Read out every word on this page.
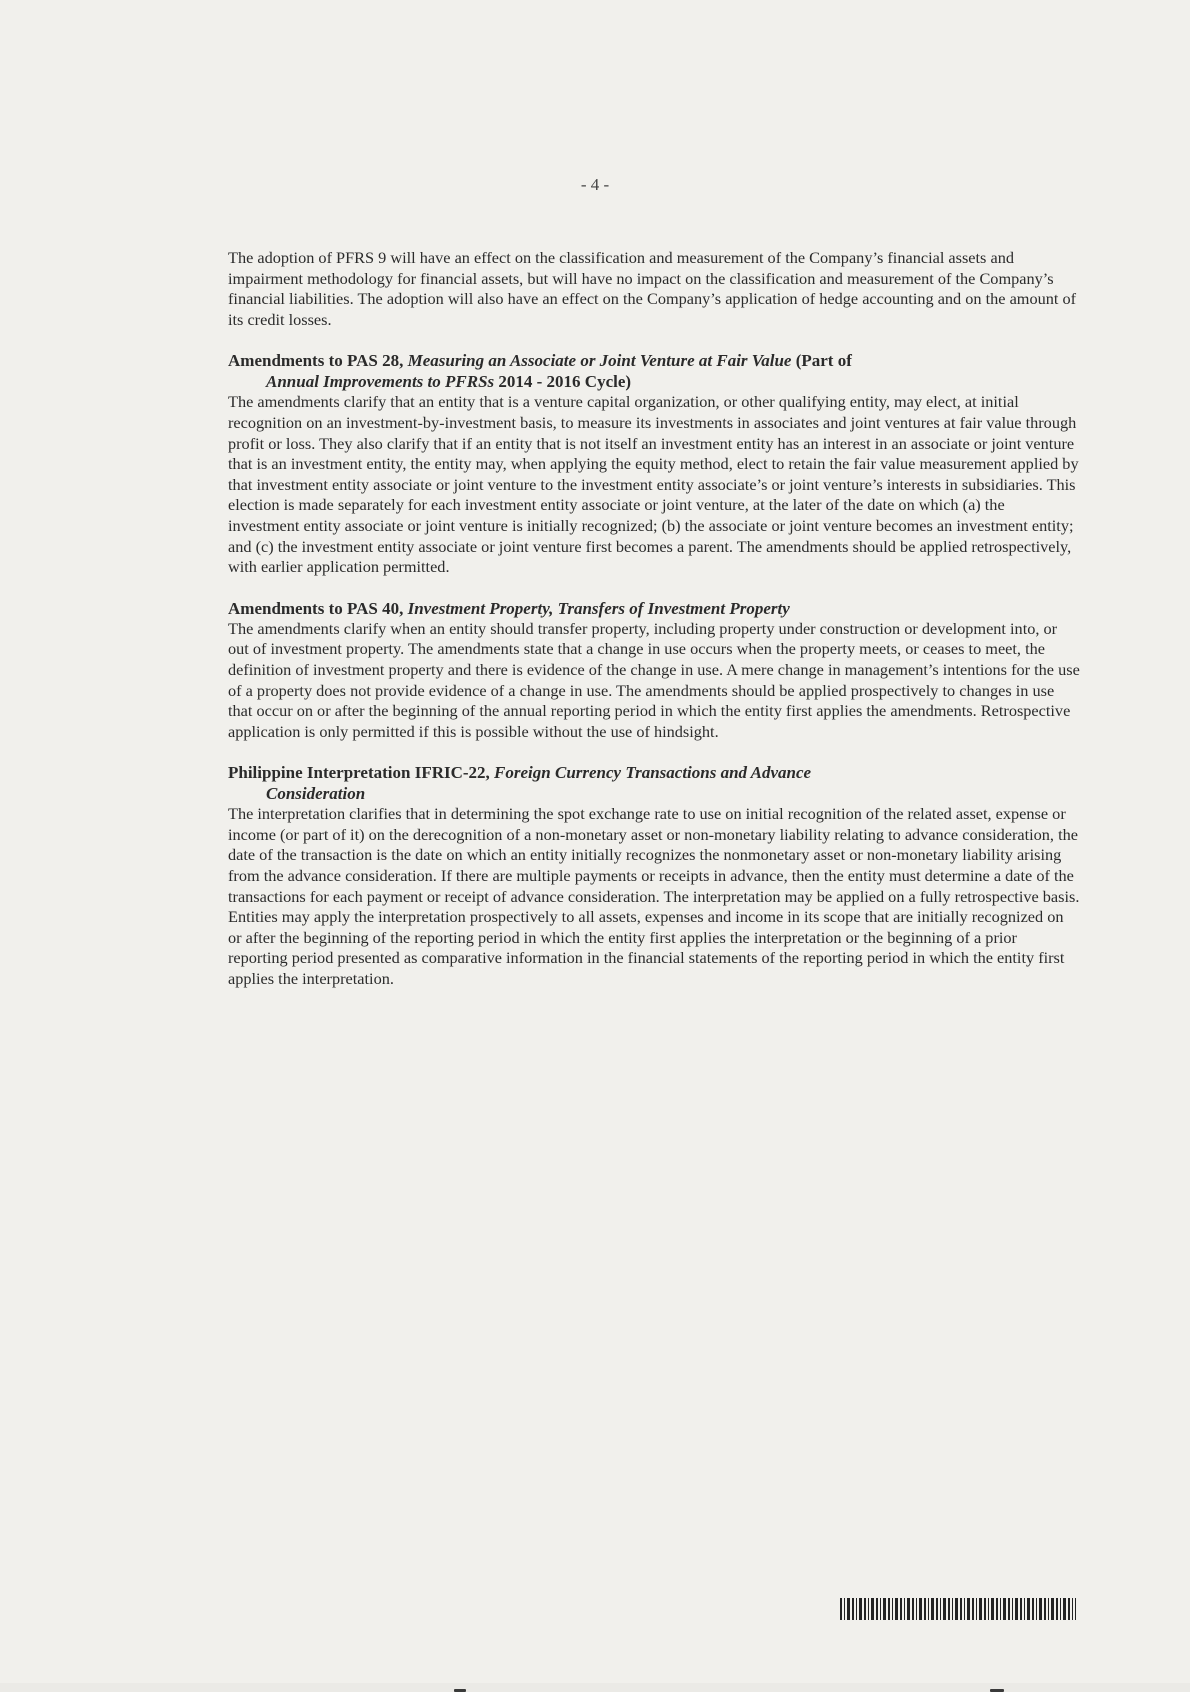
- 4 -

The adoption of PFRS 9 will have an effect on the classification and measurement of the Company’s financial assets and impairment methodology for financial assets, but will have no impact on the classification and measurement of the Company’s financial liabilities. The adoption will also have an effect on the Company’s application of hedge accounting and on the amount of its credit losses.

Amendments to PAS 28, Measuring an Associate or Joint Venture at Fair Value (Part of
Annual Improvements to PFRSs 2014 - 2016 Cycle)

The amendments clarify that an entity that is a venture capital organization, or other qualifying entity, may elect, at initial recognition on an investment-by-investment basis, to measure its investments in associates and joint ventures at fair value through profit or loss. They also clarify that if an entity that is not itself an investment entity has an interest in an associate or joint venture that is an investment entity, the entity may, when applying the equity method, elect to retain the fair value measurement applied by that investment entity associate or joint venture to the investment entity associate’s or joint venture’s interests in subsidiaries. This election is made separately for each investment entity associate or joint venture, at the later of the date on which (a) the investment entity associate or joint venture is initially recognized; (b) the associate or joint venture becomes an investment entity; and (c) the investment entity associate or joint venture first becomes a parent. The amendments should be applied retrospectively, with earlier application permitted.

Amendments to PAS 40, Investment Property, Transfers of Investment Property

The amendments clarify when an entity should transfer property, including property under construction or development into, or out of investment property. The amendments state that a change in use occurs when the property meets, or ceases to meet, the definition of investment property and there is evidence of the change in use. A mere change in management’s intentions for the use of a property does not provide evidence of a change in use. The amendments should be applied prospectively to changes in use that occur on or after the beginning of the annual reporting period in which the entity first applies the amendments. Retrospective application is only permitted if this is possible without the use of hindsight.

Philippine Interpretation IFRIC-22, Foreign Currency Transactions and Advance
Consideration

The interpretation clarifies that in determining the spot exchange rate to use on initial recognition of the related asset, expense or income (or part of it) on the derecognition of a non-monetary asset or non-monetary liability relating to advance consideration, the date of the transaction is the date on which an entity initially recognizes the nonmonetary asset or non-monetary liability arising from the advance consideration. If there are multiple payments or receipts in advance, then the entity must determine a date of the transactions for each payment or receipt of advance consideration. The interpretation may be applied on a fully retrospective basis. Entities may apply the interpretation prospectively to all assets, expenses and income in its scope that are initially recognized on or after the beginning of the reporting period in which the entity first applies the interpretation or the beginning of a prior reporting period presented as comparative information in the financial statements of the reporting period in which the entity first applies the interpretation.
